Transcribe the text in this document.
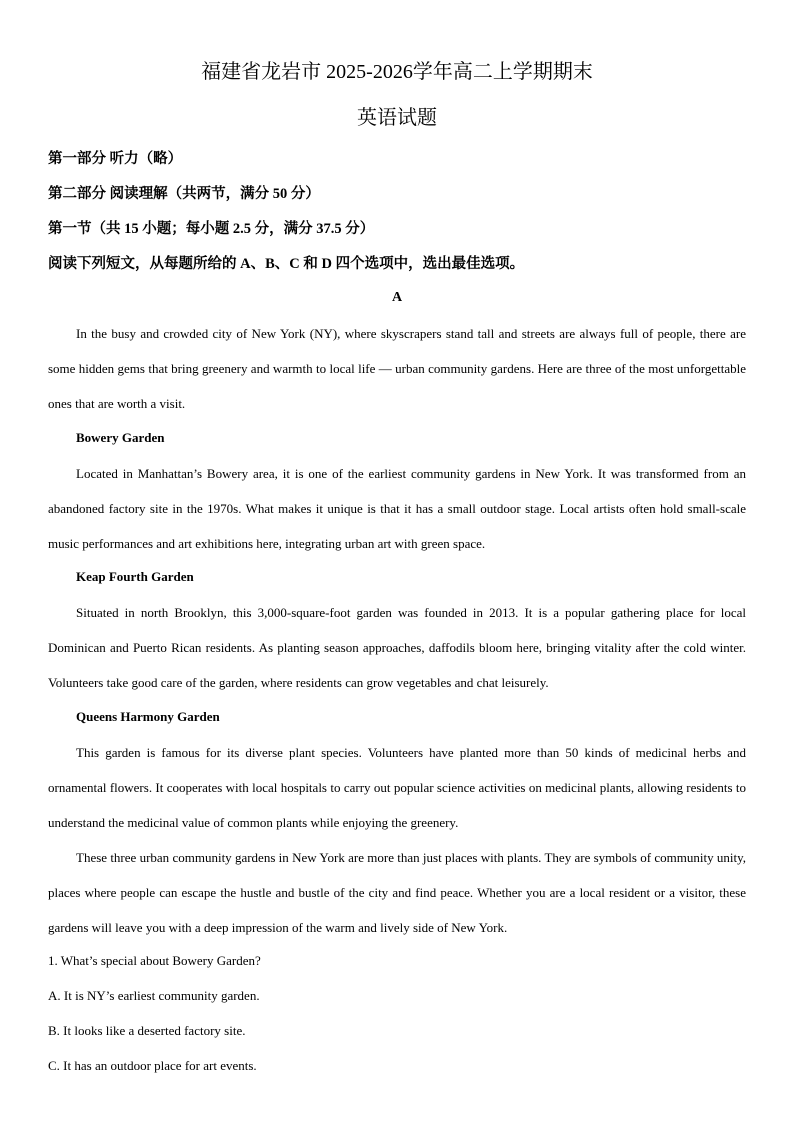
福建省龙岩市 2025-2026学年高二上学期期末
英语试题
第一部分 听力（略）
第二部分 阅读理解（共两节，满分 50 分）
第一节（共 15 小题；每小题 2.5 分，满分 37.5 分）
阅读下列短文，从每题所给的 A、B、C 和 D 四个选项中，选出最佳选项。
A

In the busy and crowded city of New York (NY), where skyscrapers stand tall and streets are always full of people, there are some hidden gems that bring greenery and warmth to local life — urban community gardens. Here are three of the most unforgettable ones that are worth a visit.

Bowery Garden

Located in Manhattan’s Bowery area, it is one of the earliest community gardens in New York. It was transformed from an abandoned factory site in the 1970s. What makes it unique is that it has a small outdoor stage. Local artists often hold small-scale music performances and art exhibitions here, integrating urban art with green space.

Keap Fourth Garden

Situated in north Brooklyn, this 3,000-square-foot garden was founded in 2013. It is a popular gathering place for local Dominican and Puerto Rican residents. As planting season approaches, daffodils bloom here, bringing vitality after the cold winter. Volunteers take good care of the garden, where residents can grow vegetables and chat leisurely.

Queens Harmony Garden

This garden is famous for its diverse plant species. Volunteers have planted more than 50 kinds of medicinal herbs and ornamental flowers. It cooperates with local hospitals to carry out popular science activities on medicinal plants, allowing residents to understand the medicinal value of common plants while enjoying the greenery.

These three urban community gardens in New York are more than just places with plants. They are symbols of community unity, places where people can escape the hustle and bustle of the city and find peace. Whether you are a local resident or a visitor, these gardens will leave you with a deep impression of the warm and lively side of New York.

1. What’s special about Bowery Garden?
A. It is NY’s earliest community garden.
B. It looks like a deserted factory site.
C. It has an outdoor place for art events.
